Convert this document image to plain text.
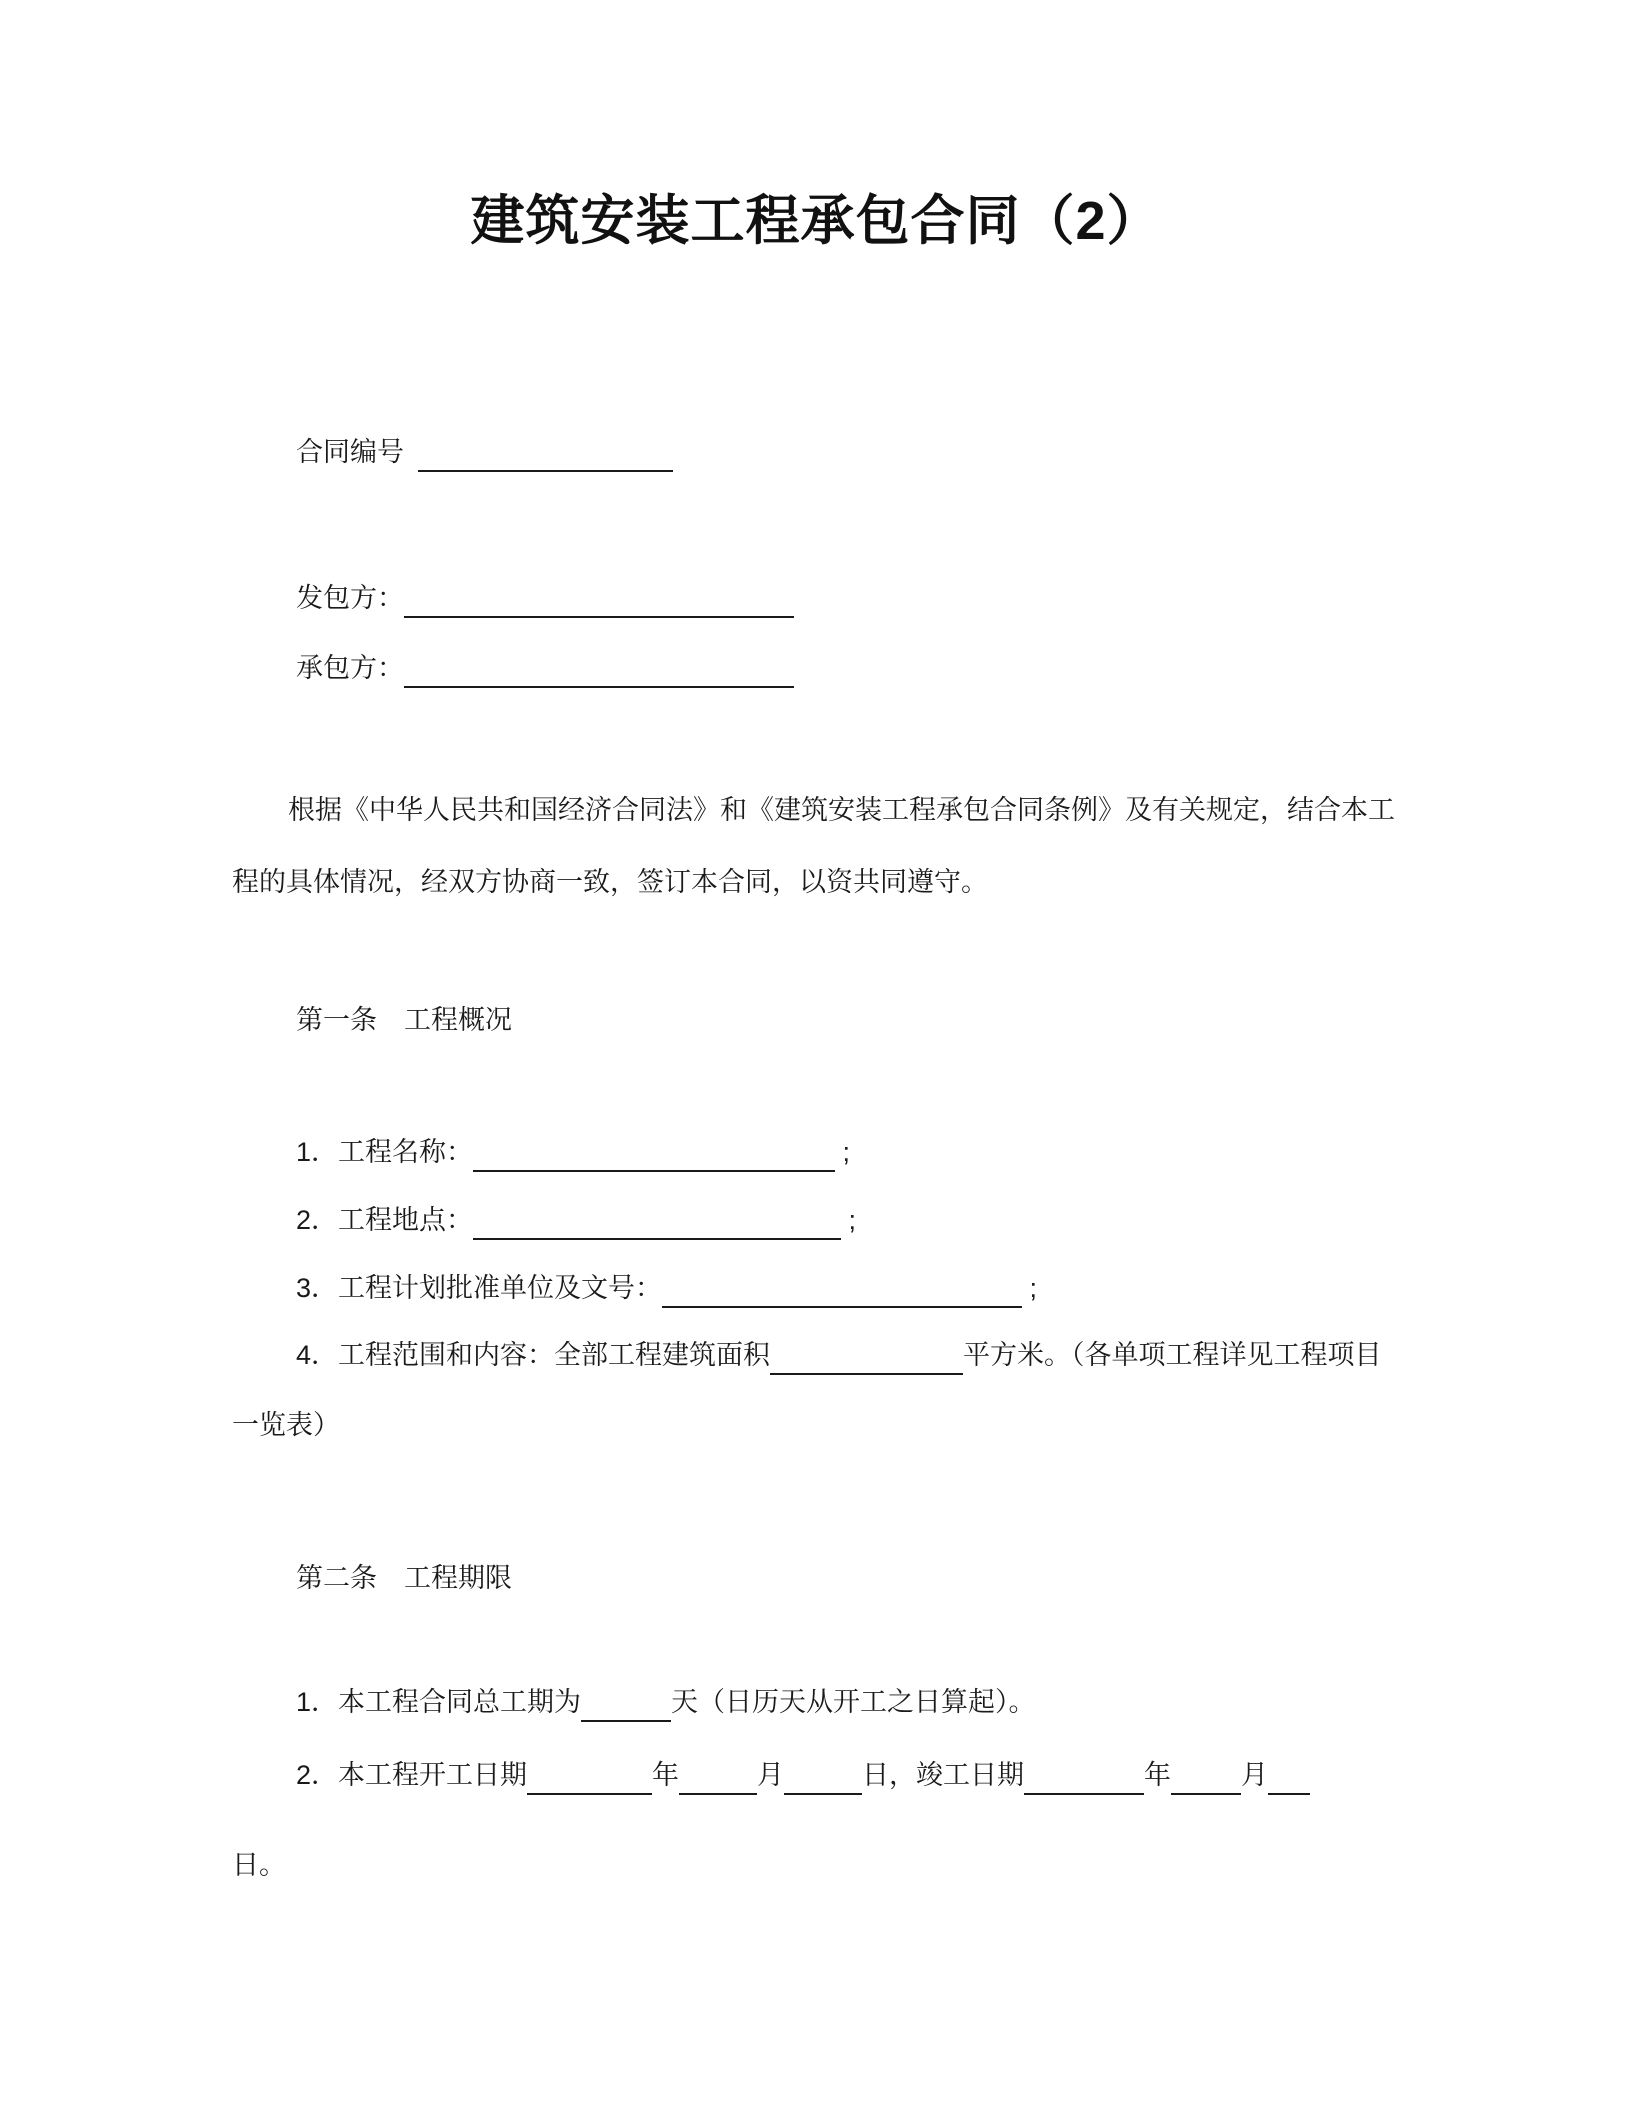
建筑安装工程承包合同（2）
合同编号
发包方：
承包方：
根据《中华人民共和国经济合同法》和《建筑安装工程承包合同条例》及有关规定，结合本工
程的具体情况，经双方协商一致，签订本合同，以资共同遵守。
第一条　工程概况
1．工程名称：	;
2．工程地点：	;
3．工程计划批准单位及文号：	;
4．工程范围和内容：全部工程建筑面积	平方米。（各单项工程详见工程项目
一览表）
第二条　工程期限
1．本工程合同总工期为	天（日历天从开工之日算起）。
2．本工程开工日期	年	月	日，竣工日期	年	月
日。
